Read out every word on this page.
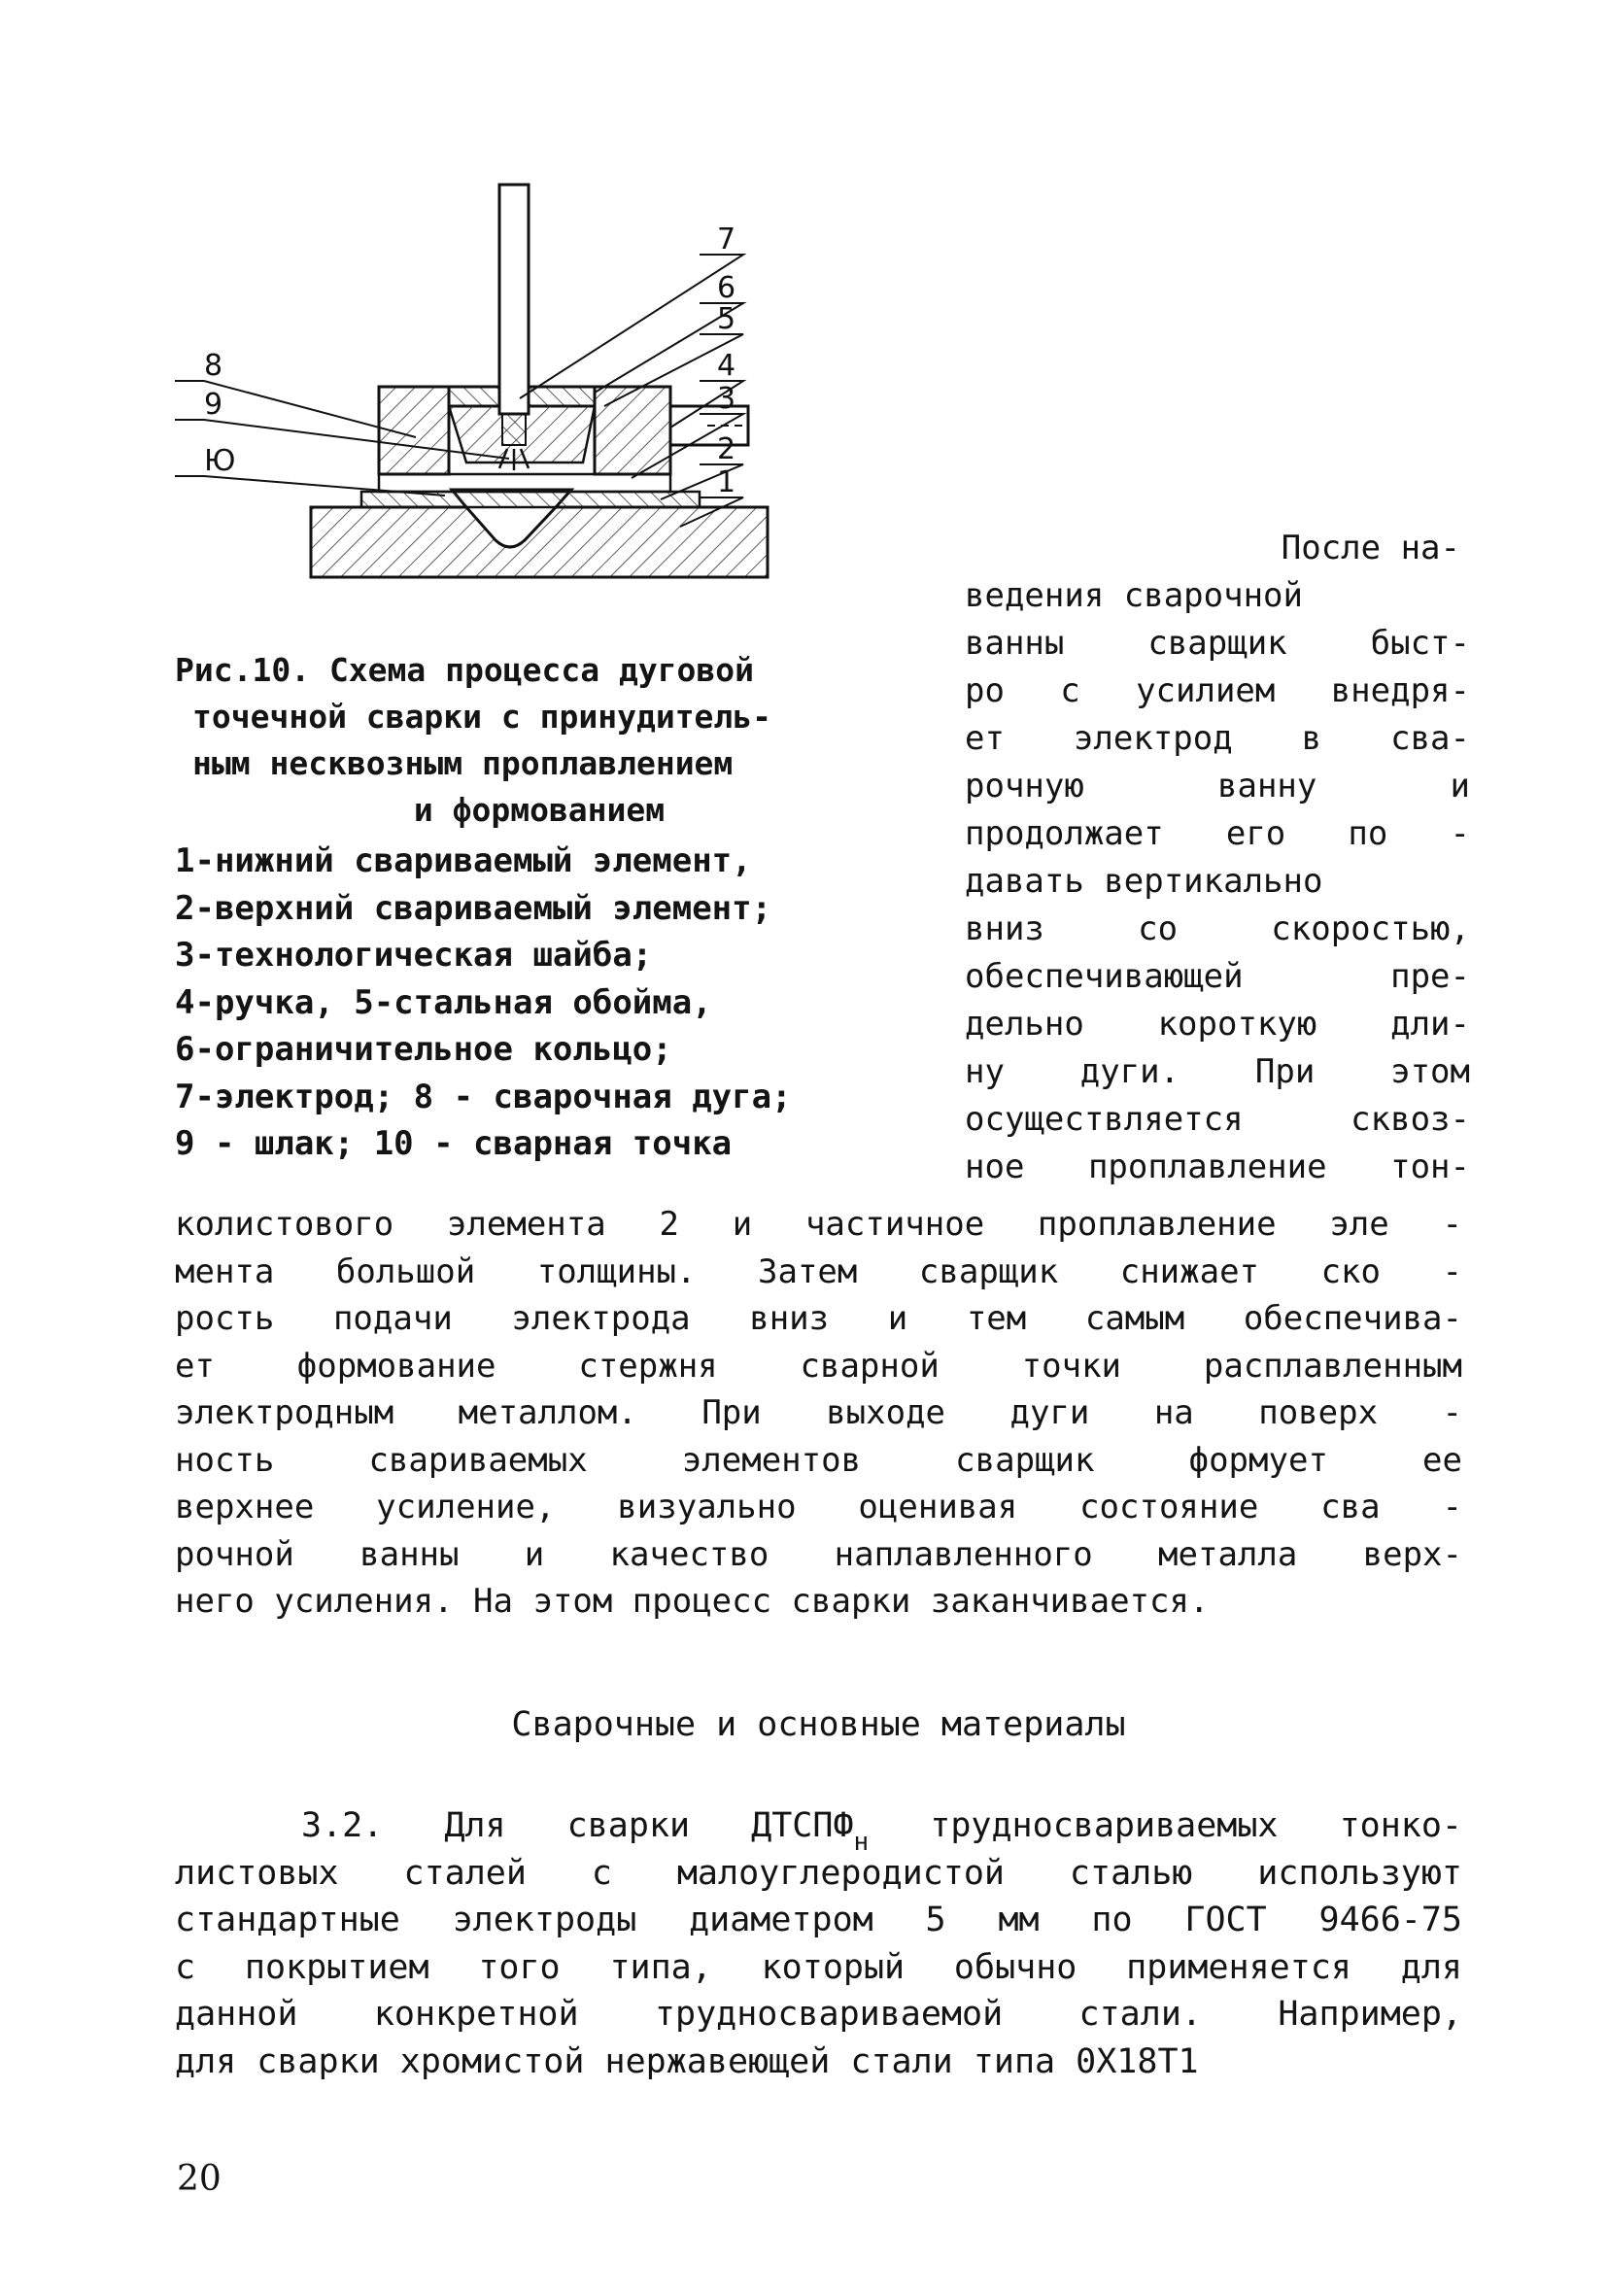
7
6
5
4
3
2
1
8
9
Ю
Рис.10. Схема процесса дуговой
точечной сварки с принудитель-
ным несквозным проплавлением
и формованием
1-нижний свариваемый элемент,
2-верхний свариваемый элемент;
3-технологическая шайба;
4-ручка, 5-стальная обойма,
6-ограничительное кольцо;
7-электрод; 8 - сварочная дуга;
9 - шлак; 10 - сварная точка
После на-
ведения сварочной
ванны сварщик быст-
ро с усилием внедря-
ет электрод в сва-
рочную ванну и
продолжает его по -
давать вертикально
вниз со скоростью,
обеспечивающей пре-
дельно короткую дли-
ну дуги. При этом
осуществляется сквоз-
ное проплавление тон-
колистового элемента 2 и частичное проплавление эле -
мента большой толщины. Затем сварщик снижает ско -
рость подачи электрода вниз и тем самым обеспечива-
ет формование стержня сварной точки расплавленным
электродным металлом. При выходе дуги на поверх -
ность свариваемых элементов сварщик формует ее
верхнее усиление, визуально оценивая состояние сва -
рочной ванны и качество наплавленного металла верх-
него усиления. На этом процесс сварки заканчивается.
Сварочные и основные материалы
3.2. Для сварки $ДТСПФ_н$ трудносвариваемых тонко-
листовых сталей с малоуглеродистой сталью используют
стандартные электроды диаметром 5 мм по ГОСТ 9466-75
с покрытием того типа, который обычно применяется для
данной конкретной трудносвариваемой стали. Например,
для сварки хромистой нержавеющей стали типа 0Х18Т1
20
